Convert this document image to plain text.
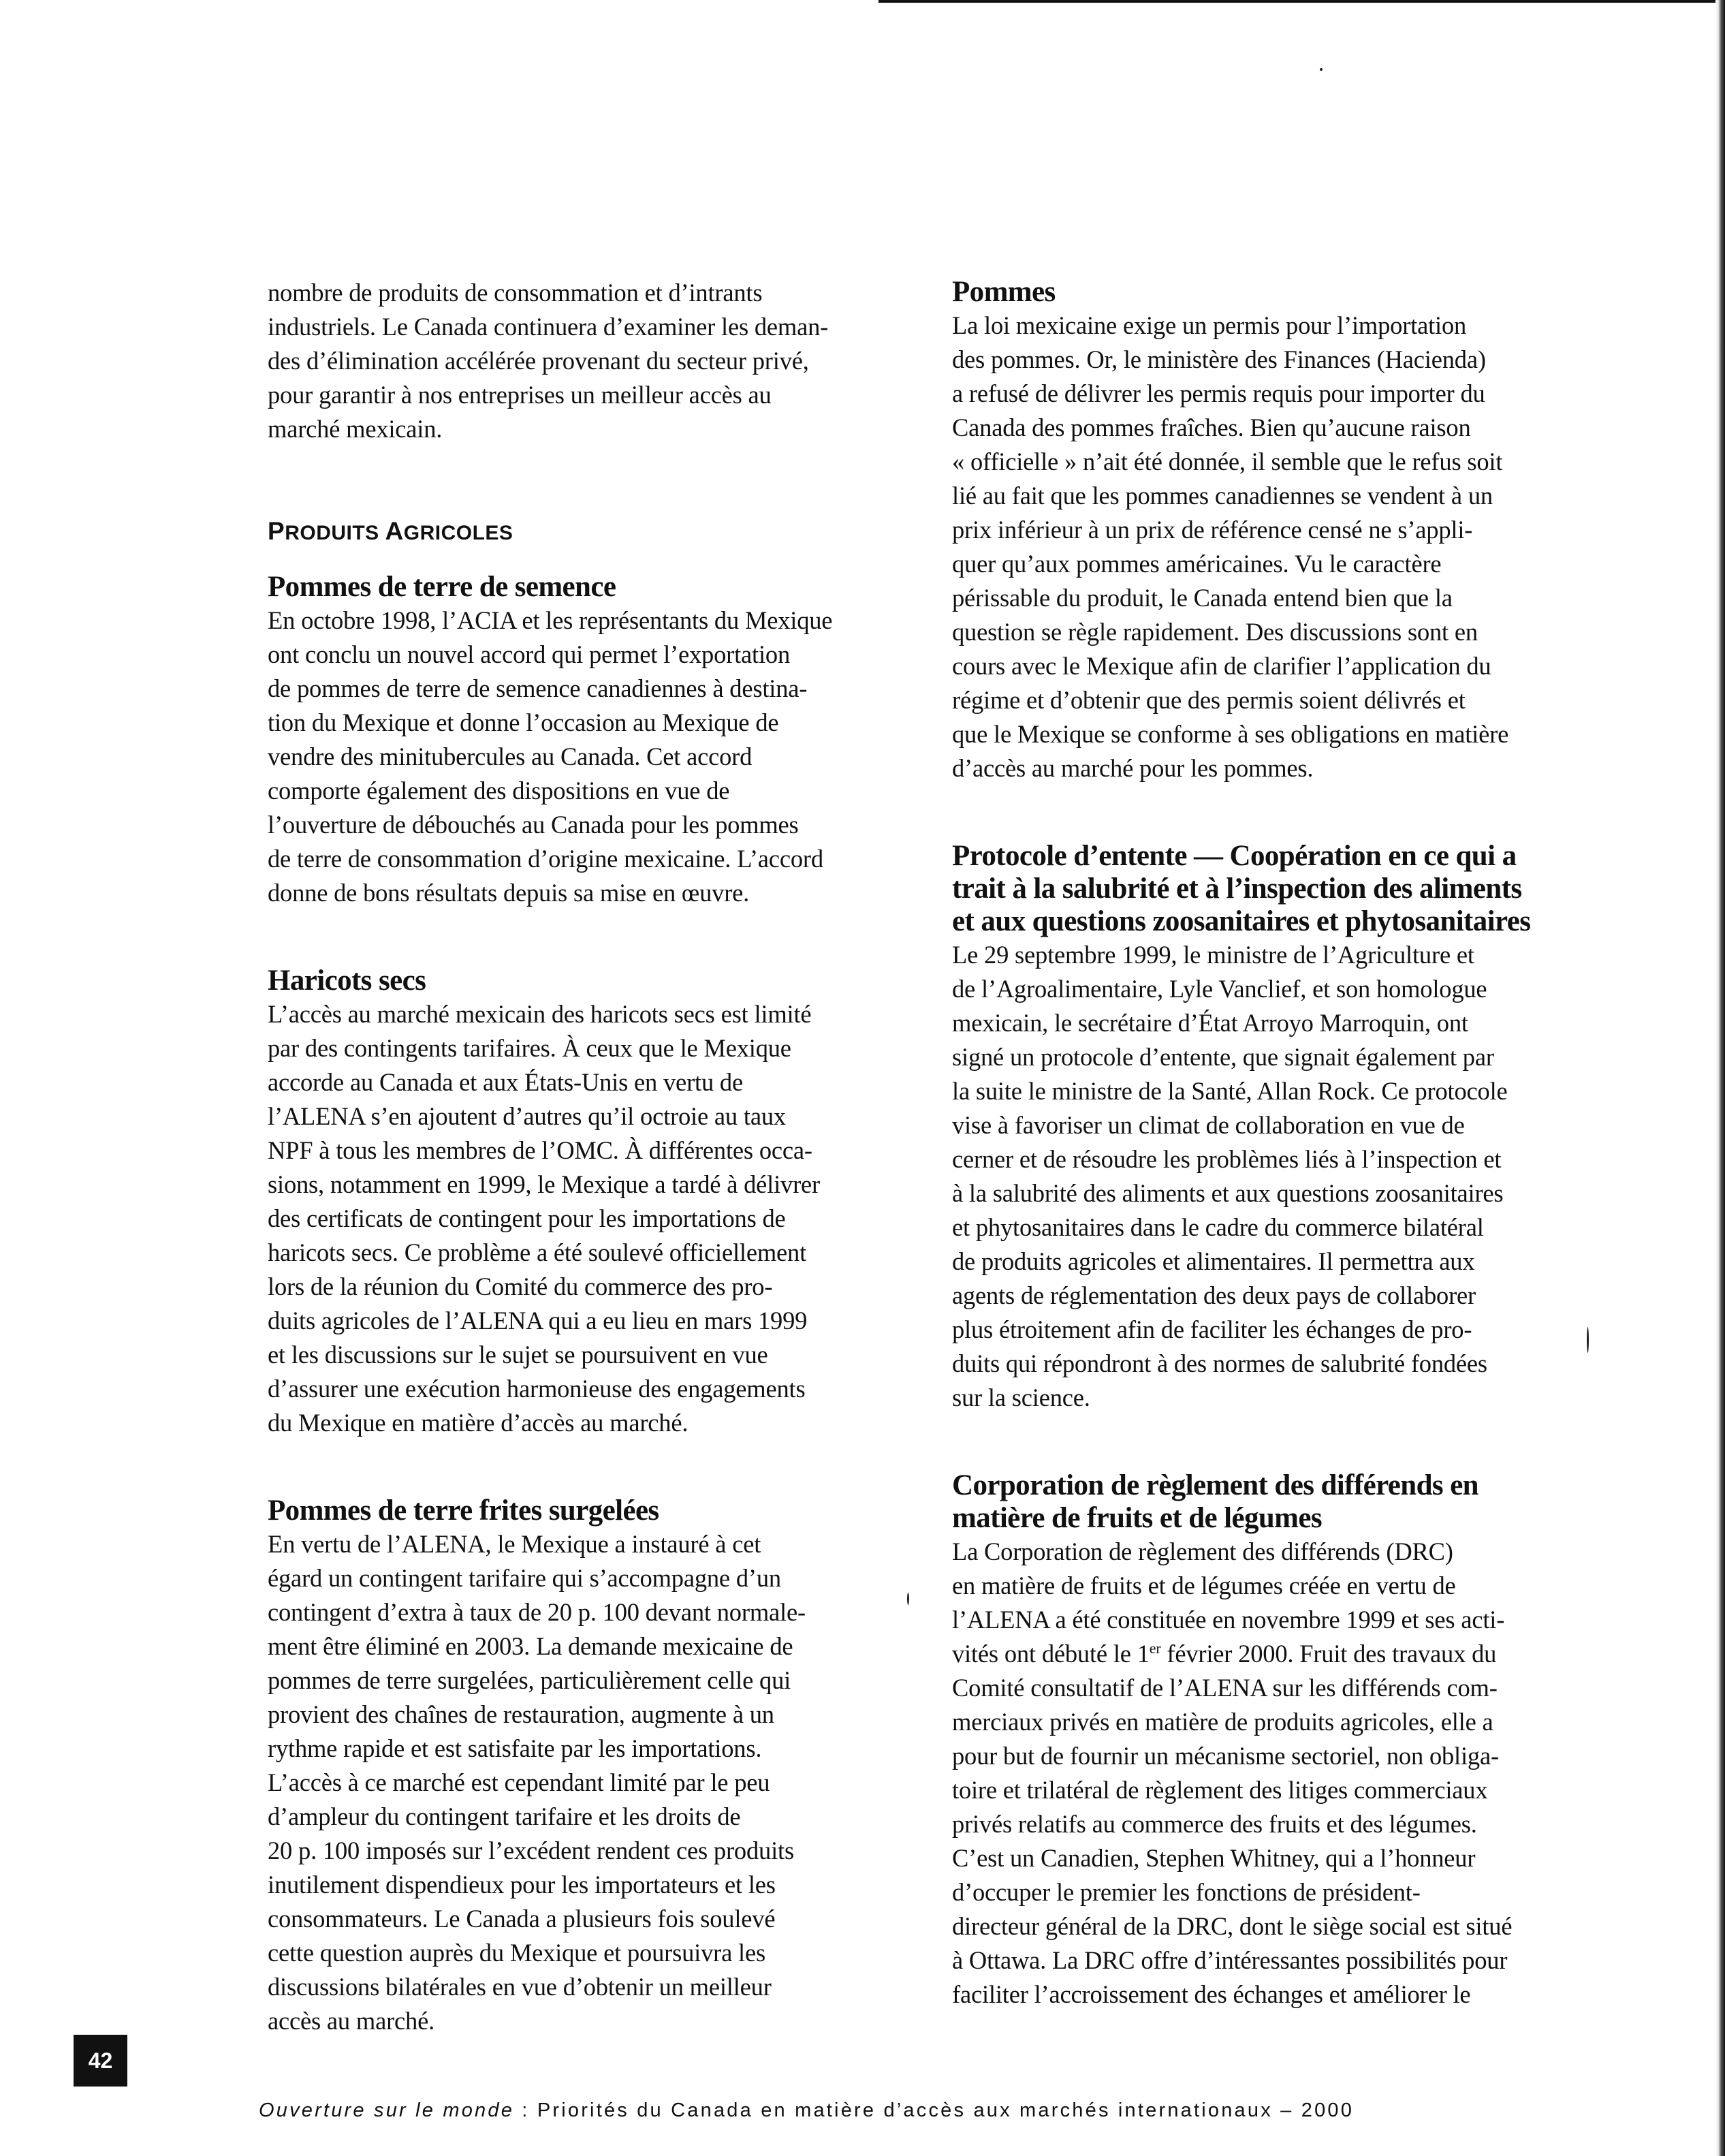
nombre de produits de consommation et d’intrants
industriels. Le Canada continuera d’examiner les deman-
des d’élimination accélérée provenant du secteur privé,
pour garantir à nos entreprises un meilleur accès au
marché mexicain.

PRODUITS AGRICOLES
Pommes de terre de semence

En octobre 1998, l’ACIA et les représentants du Mexique
ont conclu un nouvel accord qui permet l’exportation
de pommes de terre de semence canadiennes à destina-
tion du Mexique et donne l’occasion au Mexique de
vendre des minitubercules au Canada. Cet accord
comporte également des dispositions en vue de
l’ouverture de débouchés au Canada pour les pommes
de terre de consommation d’origine mexicaine. L’accord
donne de bons résultats depuis sa mise en œuvre.

Haricots secs

L’accès au marché mexicain des haricots secs est limité
par des contingents tarifaires. À ceux que le Mexique
accorde au Canada et aux États-Unis en vertu de
l’ALENA s’en ajoutent d’autres qu’il octroie au taux
NPF à tous les membres de l’OMC. À différentes occa-
sions, notamment en 1999, le Mexique a tardé à délivrer
des certificats de contingent pour les importations de
haricots secs. Ce problème a été soulevé officiellement
lors de la réunion du Comité du commerce des pro-
duits agricoles de l’ALENA qui a eu lieu en mars 1999
et les discussions sur le sujet se poursuivent en vue
d’assurer une exécution harmonieuse des engagements
du Mexique en matière d’accès au marché.

Pommes de terre frites surgelées

En vertu de l’ALENA, le Mexique a instauré à cet
égard un contingent tarifaire qui s’accompagne d’un
contingent d’extra à taux de 20 p. 100 devant normale-
ment être éliminé en 2003. La demande mexicaine de
pommes de terre surgelées, particulièrement celle qui
provient des chaînes de restauration, augmente à un
rythme rapide et est satisfaite par les importations.
L’accès à ce marché est cependant limité par le peu
d’ampleur du contingent tarifaire et les droits de
20 p. 100 imposés sur l’excédent rendent ces produits
inutilement dispendieux pour les importateurs et les
consommateurs. Le Canada a plusieurs fois soulevé
cette question auprès du Mexique et poursuivra les
discussions bilatérales en vue d’obtenir un meilleur
accès au marché.

Pommes

La loi mexicaine exige un permis pour l’importation
des pommes. Or, le ministère des Finances (Hacienda)
a refusé de délivrer les permis requis pour importer du
Canada des pommes fraîches. Bien qu’aucune raison
« officielle » n’ait été donnée, il semble que le refus soit
lié au fait que les pommes canadiennes se vendent à un
prix inférieur à un prix de référence censé ne s’appli-
quer qu’aux pommes américaines. Vu le caractère
périssable du produit, le Canada entend bien que la
question se règle rapidement. Des discussions sont en
cours avec le Mexique afin de clarifier l’application du
régime et d’obtenir que des permis soient délivrés et
que le Mexique se conforme à ses obligations en matière
d’accès au marché pour les pommes.

Protocole d’entente — Coopération en ce qui a
trait à la salubrité et à l’inspection des aliments
et aux questions zoosanitaires et phytosanitaires

Le 29 septembre 1999, le ministre de l’Agriculture et
de l’Agroalimentaire, Lyle Vanclief, et son homologue
mexicain, le secrétaire d’État Arroyo Marroquin, ont
signé un protocole d’entente, que signait également par
la suite le ministre de la Santé, Allan Rock. Ce protocole
vise à favoriser un climat de collaboration en vue de
cerner et de résoudre les problèmes liés à l’inspection et
à la salubrité des aliments et aux questions zoosanitaires
et phytosanitaires dans le cadre du commerce bilatéral
de produits agricoles et alimentaires. Il permettra aux
agents de réglementation des deux pays de collaborer
plus étroitement afin de faciliter les échanges de pro-
duits qui répondront à des normes de salubrité fondées
sur la science.

Corporation de règlement des différends en
matière de fruits et de légumes

La Corporation de règlement des différends (DRC)
en matière de fruits et de légumes créée en vertu de
l’ALENA a été constituée en novembre 1999 et ses acti-
vités ont débuté le 1er février 2000. Fruit des travaux du
Comité consultatif de l’ALENA sur les différends com-
merciaux privés en matière de produits agricoles, elle a
pour but de fournir un mécanisme sectoriel, non obliga-
toire et trilatéral de règlement des litiges commerciaux
privés relatifs au commerce des fruits et des légumes.
C’est un Canadien, Stephen Whitney, qui a l’honneur
d’occuper le premier les fonctions de président-
directeur général de la DRC, dont le siège social est situé
à Ottawa. La DRC offre d’intéressantes possibilités pour
faciliter l’accroissement des échanges et améliorer le

42
Ouverture sur le monde : Priorités du Canada en matière d’accès aux marchés internationaux – 2000
